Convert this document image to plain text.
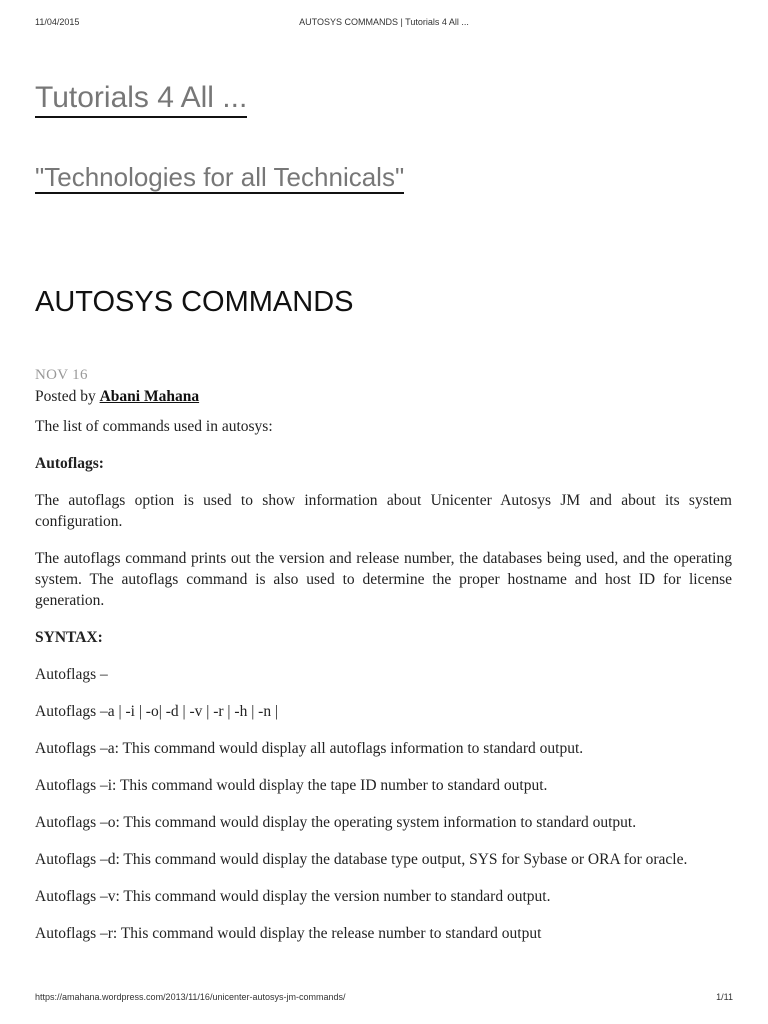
11/04/2015	AUTOSYS COMMANDS | Tutorials 4 All ...
Tutorials 4 All ...
"Technologies for all Technicals"
AUTOSYS COMMANDS
NOV 16

Posted by Abani Mahana

The list of commands used in autosys:

Autoflags:

The autoflags option is used to show information about Unicenter Autosys JM and about its system configuration.

The autoflags command prints out the version and release number, the databases being used, and the operating system. The autoflags command is also used to determine the proper hostname and host ID for license generation.

SYNTAX:

Autoflags –

Autoflags –a | -i | -o| -d | -v | -r | -h | -n |

Autoflags –a: This command would display all autoflags information to standard output.

Autoflags –i: This command would display the tape ID number to standard output.

Autoflags –o: This command would display the operating system information to standard output.

Autoflags –d: This command would display the database type output, SYS for Sybase or ORA for oracle.

Autoflags –v: This command would display the version number to standard output.

Autoflags –r: This command would display the release number to standard output

https://amahana.wordpress.com/2013/11/16/unicenter-autosys-jm-commands/	1/11
